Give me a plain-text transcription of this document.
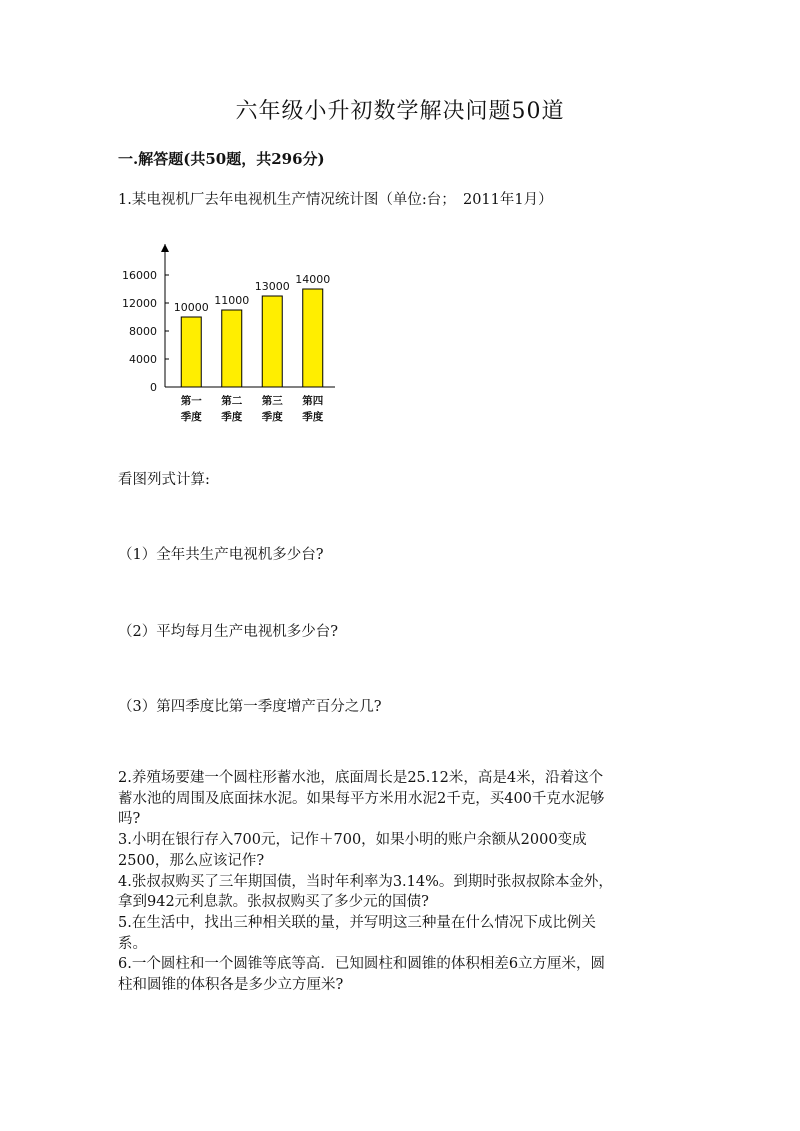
六年级小升初数学解决问题50道
一.解答题(共50题，共296分)
1.某电视机厂去年电视机生产情况统计图（单位:台；　2011年1月）
0
4000
8000
12000
16000
10000
第一
季度
11000
第二
季度
13000
第三
季度
14000
第四
季度
看图列式计算:
（1）全年共生产电视机多少台?
（2）平均每月生产电视机多少台?
（3）第四季度比第一季度增产百分之几?
2.养殖场要建一个圆柱形蓄水池，底面周长是25.12米，高是4米，沿着这个
蓄水池的周围及底面抹水泥。如果每平方米用水泥2千克，买400千克水泥够
吗?
3.小明在银行存入700元，记作＋700，如果小明的账户余额从2000变成
2500，那么应该记作?
4.张叔叔购买了三年期国债，当时年利率为3.14%。到期时张叔叔除本金外，
拿到942元利息款。张叔叔购买了多少元的国债?
5.在生活中，找出三种相关联的量，并写明这三种量在什么情况下成比例关
系。
6.一个圆柱和一个圆锥等底等高．已知圆柱和圆锥的体积相差6立方厘米，圆
柱和圆锥的体积各是多少立方厘米?
